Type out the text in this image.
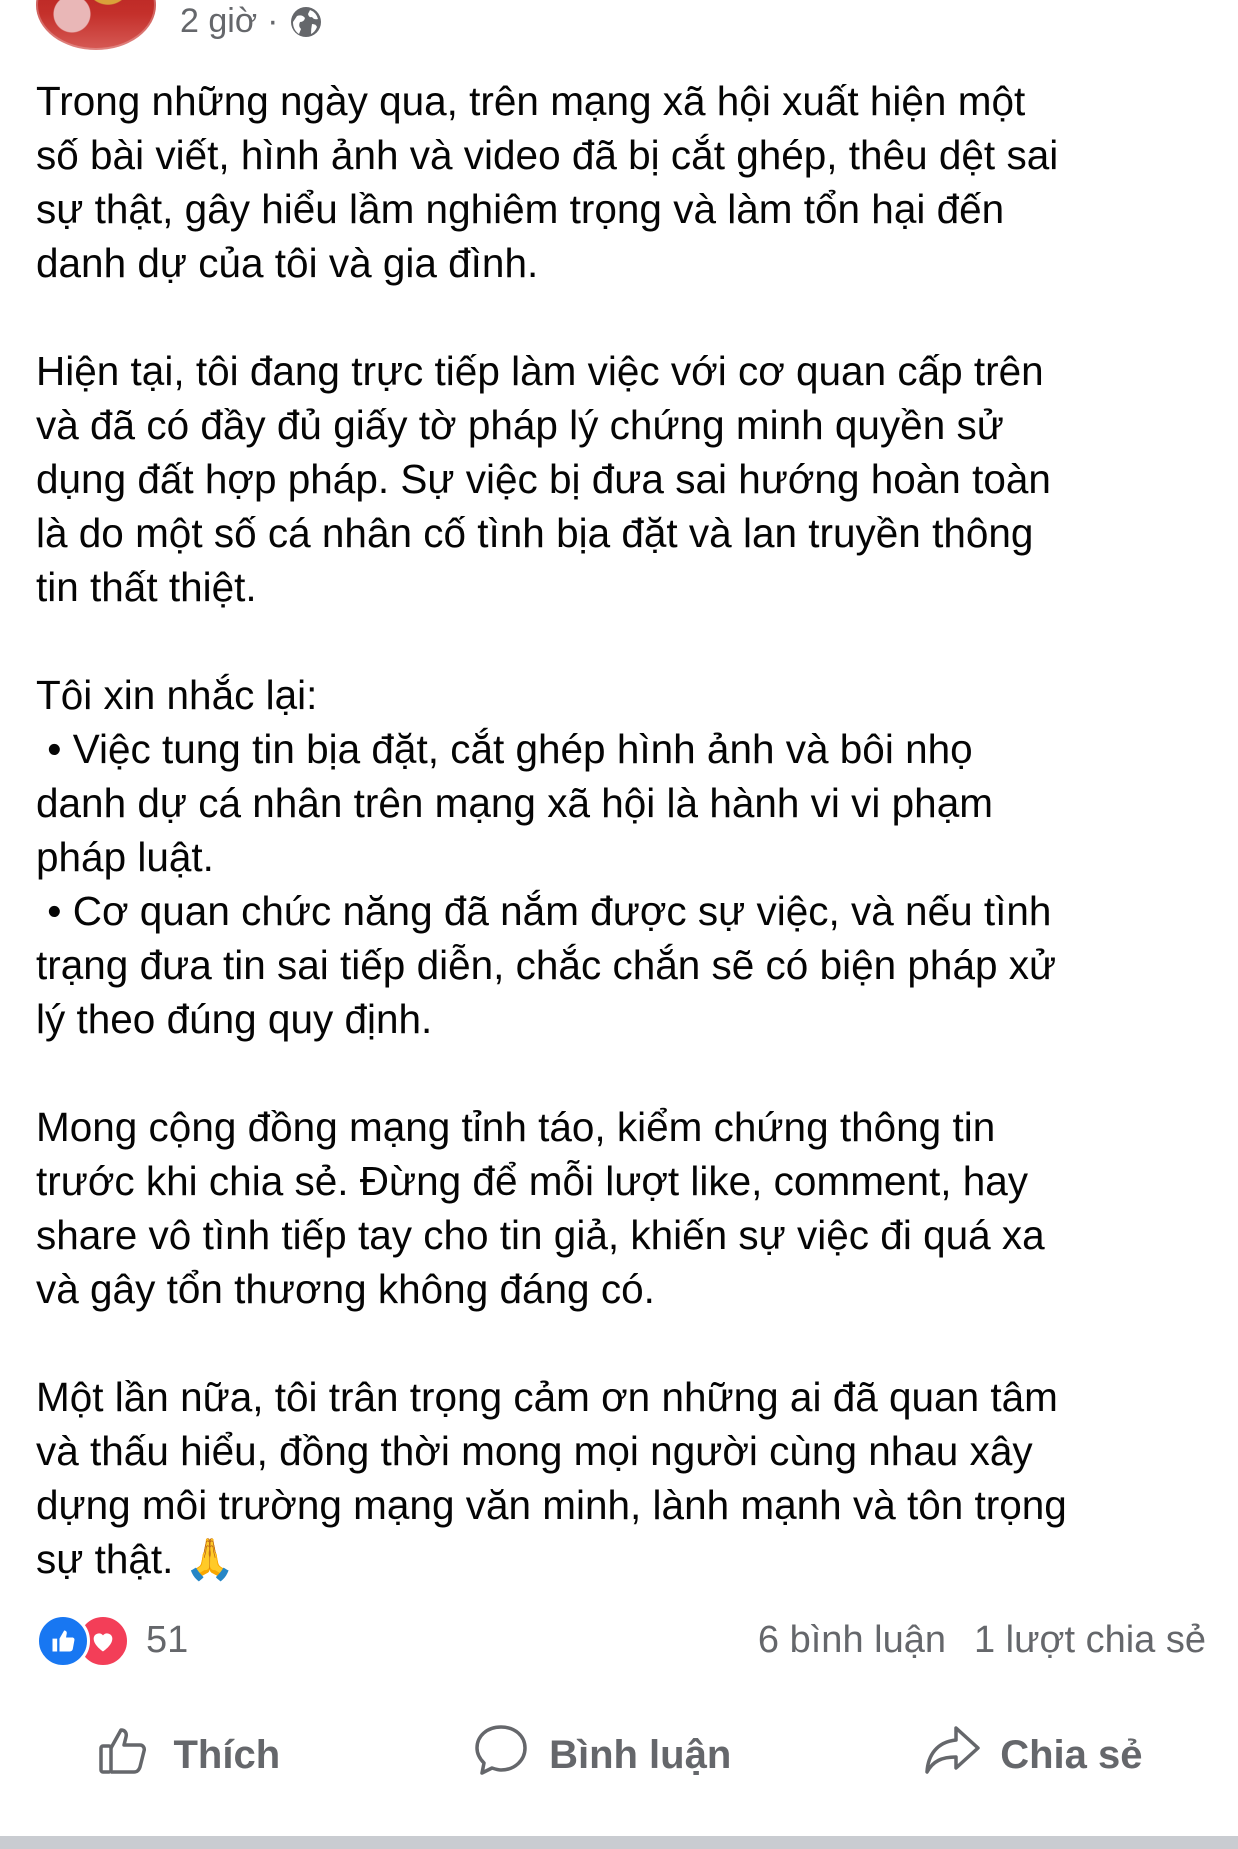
2 giờ ·
Trong những ngày qua, trên mạng xã hội xuất hiện một
số bài viết, hình ảnh và video đã bị cắt ghép, thêu dệt sai
sự thật, gây hiểu lầm nghiêm trọng và làm tổn hại đến
danh dự của tôi và gia đình.
Hiện tại, tôi đang trực tiếp làm việc với cơ quan cấp trên
và đã có đầy đủ giấy tờ pháp lý chứng minh quyền sử
dụng đất hợp pháp. Sự việc bị đưa sai hướng hoàn toàn
là do một số cá nhân cố tình bịa đặt và lan truyền thông
tin thất thiệt.
Tôi xin nhắc lại:
• Việc tung tin bịa đặt, cắt ghép hình ảnh và bôi nhọ
danh dự cá nhân trên mạng xã hội là hành vi vi phạm
pháp luật.
• Cơ quan chức năng đã nắm được sự việc, và nếu tình
trạng đưa tin sai tiếp diễn, chắc chắn sẽ có biện pháp xử
lý theo đúng quy định.
Mong cộng đồng mạng tỉnh táo, kiểm chứng thông tin
trước khi chia sẻ. Đừng để mỗi lượt like, comment, hay
share vô tình tiếp tay cho tin giả, khiến sự việc đi quá xa
và gây tổn thương không đáng có.
Một lần nữa, tôi trân trọng cảm ơn những ai đã quan tâm
và thấu hiểu, đồng thời mong mọi người cùng nhau xây
dựng môi trường mạng văn minh, lành mạnh và tôn trọng
sự thật. 🙏
51	6 bình luận 1 lượt chia sẻ
Thích	Bình luận	Chia sẻ
